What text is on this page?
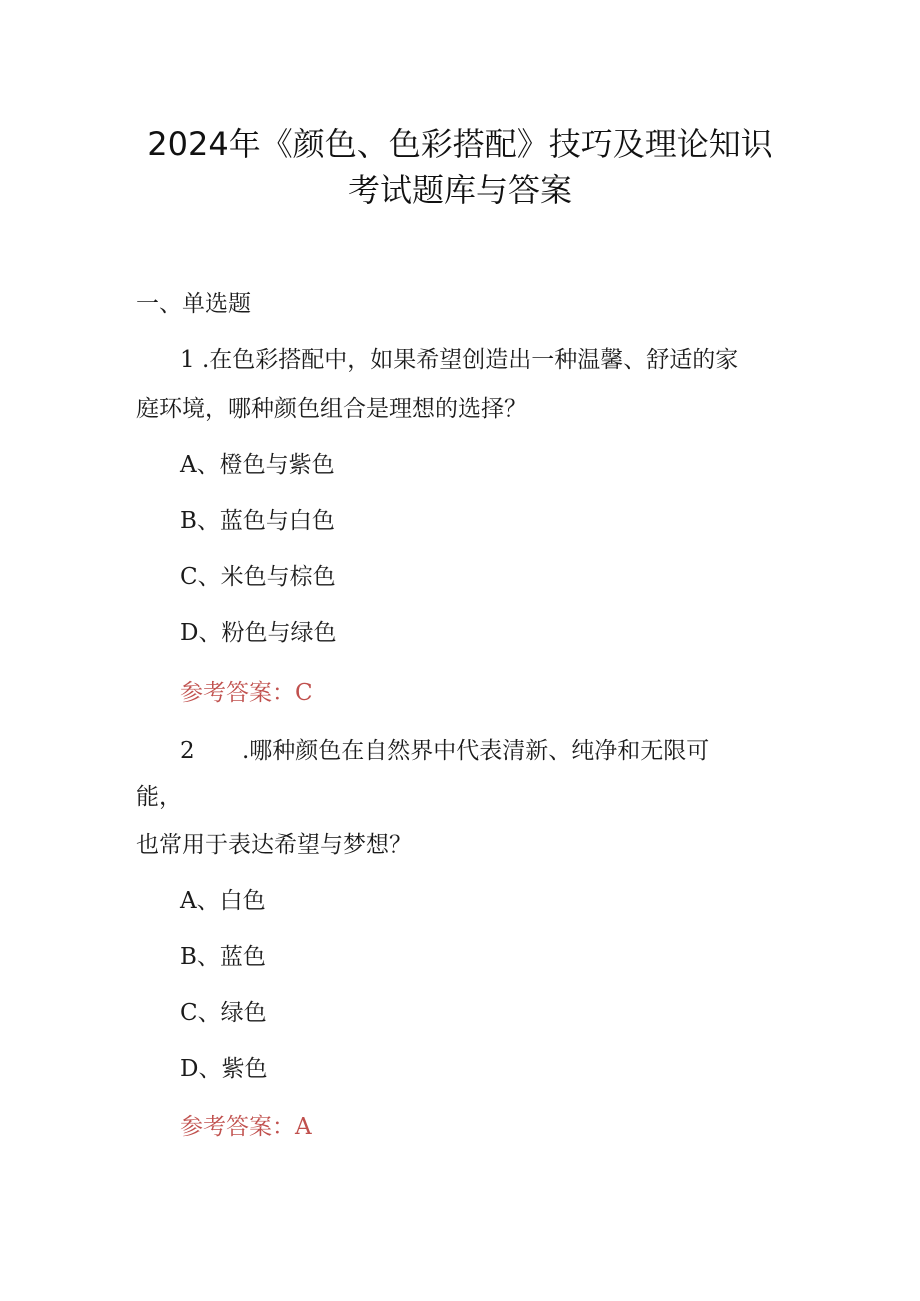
2024年《颜色、色彩搭配》技巧及理论知识
考试题库与答案
一、单选题
1 .在色彩搭配中，如果希望创造出一种温馨、舒适的家
庭环境，哪种颜色组合是理想的选择？
A、橙色与紫色
B、蓝色与白色
C、米色与棕色
D、粉色与绿色
参考答案：C
2 .哪种颜色在自然界中代表清新、纯净和无限可
能，
也常用于表达希望与梦想？
A、白色
B、蓝色
C、绿色
D、紫色
参考答案：A
